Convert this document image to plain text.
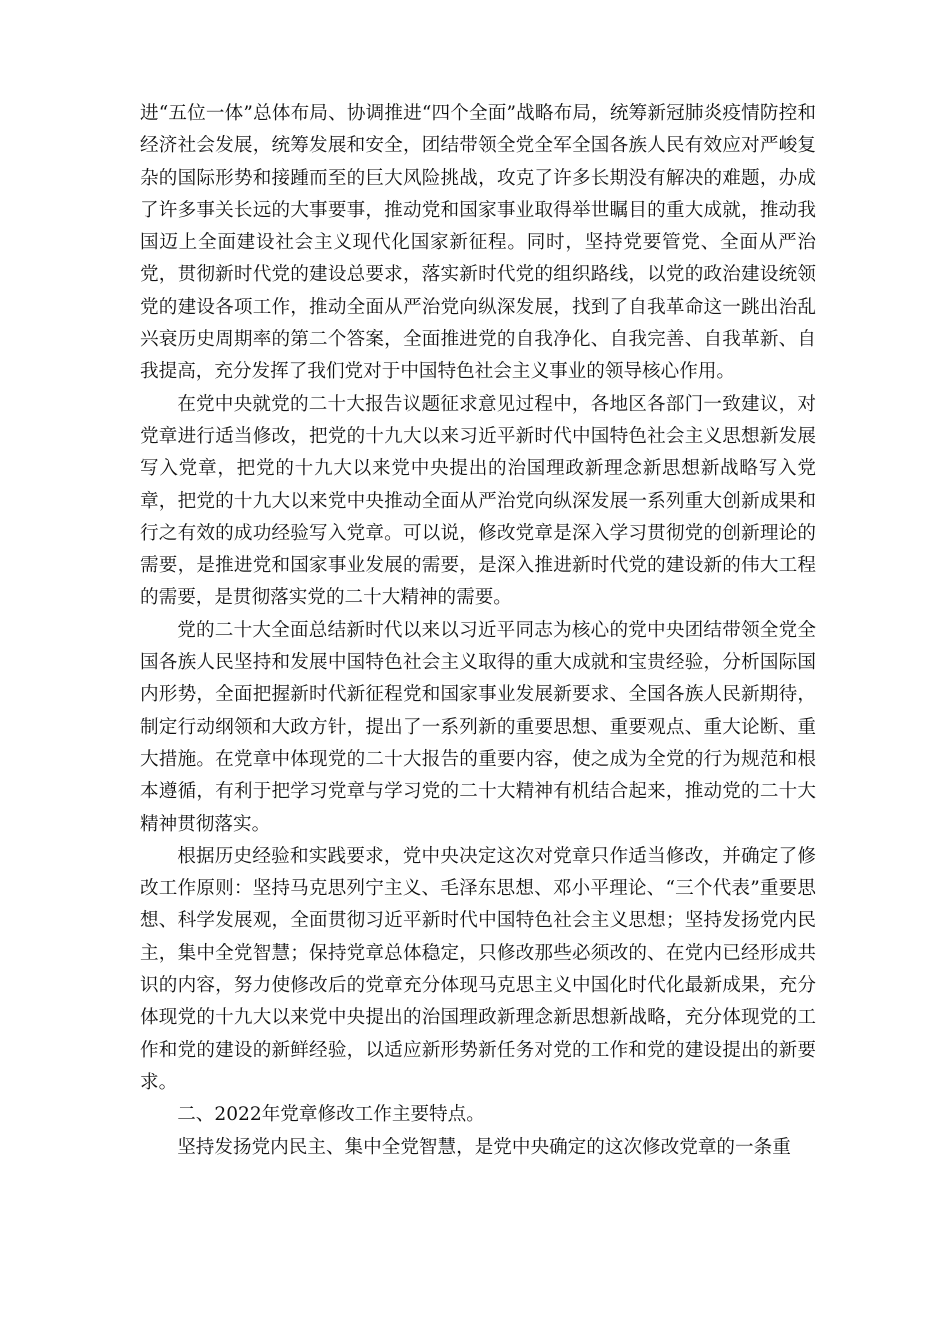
进“五位一体”总体布局、协调推进“四个全面”战略布局，统筹新冠肺炎疫情防控和经济社会发展，统筹发展和安全，团结带领全党全军全国各族人民有效应对严峻复杂的国际形势和接踵而至的巨大风险挑战，攻克了许多长期没有解决的难题，办成了许多事关长远的大事要事，推动党和国家事业取得举世瞩目的重大成就，推动我国迈上全面建设社会主义现代化国家新征程。同时，坚持党要管党、全面从严治党，贯彻新时代党的建设总要求，落实新时代党的组织路线，以党的政治建设统领党的建设各项工作，推动全面从严治党向纵深发展，找到了自我革命这一跳出治乱兴衰历史周期率的第二个答案，全面推进党的自我净化、自我完善、自我革新、自我提高，充分发挥了我们党对于中国特色社会主义事业的领导核心作用。

在党中央就党的二十大报告议题征求意见过程中，各地区各部门一致建议，对党章进行适当修改，把党的十九大以来习近平新时代中国特色社会主义思想新发展写入党章，把党的十九大以来党中央提出的治国理政新理念新思想新战略写入党章，把党的十九大以来党中央推动全面从严治党向纵深发展一系列重大创新成果和行之有效的成功经验写入党章。可以说，修改党章是深入学习贯彻党的创新理论的需要，是推进党和国家事业发展的需要，是深入推进新时代党的建设新的伟大工程的需要，是贯彻落实党的二十大精神的需要。

党的二十大全面总结新时代以来以习近平同志为核心的党中央团结带领全党全国各族人民坚持和发展中国特色社会主义取得的重大成就和宝贵经验，分析国际国内形势，全面把握新时代新征程党和国家事业发展新要求、全国各族人民新期待，制定行动纲领和大政方针，提出了一系列新的重要思想、重要观点、重大论断、重大措施。在党章中体现党的二十大报告的重要内容，使之成为全党的行为规范和根本遵循，有利于把学习党章与学习党的二十大精神有机结合起来，推动党的二十大精神贯彻落实。

根据历史经验和实践要求，党中央决定这次对党章只作适当修改，并确定了修改工作原则：坚持马克思列宁主义、毛泽东思想、邓小平理论、“三个代表”重要思想、科学发展观，全面贯彻习近平新时代中国特色社会主义思想；坚持发扬党内民主，集中全党智慧；保持党章总体稳定，只修改那些必须改的、在党内已经形成共识的内容，努力使修改后的党章充分体现马克思主义中国化时代化最新成果，充分体现党的十九大以来党中央提出的治国理政新理念新思想新战略，充分体现党的工作和党的建设的新鲜经验，以适应新形势新任务对党的工作和党的建设提出的新要求。

二、2022年党章修改工作主要特点。

坚持发扬党内民主、集中全党智慧，是党中央确定的这次修改党章的一条重
